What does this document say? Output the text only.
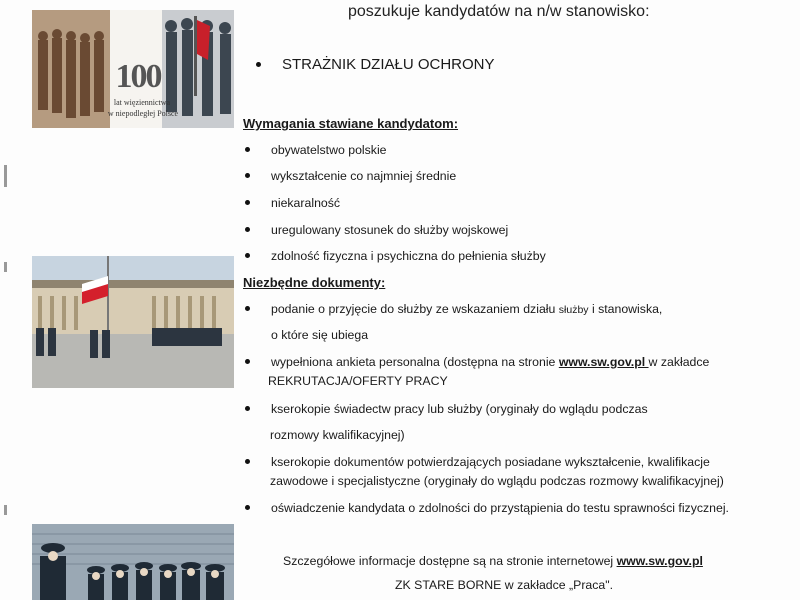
100
lat więziennictwa
w niepodległej Polsce
poszukuje kandydatów na n/w stanowisko:
STRAŻNIK DZIAŁU OCHRONY
Wymagania stawiane kandydatom:
obywatelstwo polskie
wykształcenie co najmniej średnie
niekaralność
uregulowany stosunek do służby wojskowej
zdolność fizyczna i psychiczna do pełnienia służby
Niezbędne dokumenty:
podanie o przyjęcie do służby ze wskazaniem działu służby i stanowiska,
o które się ubiega
wypełniona ankieta personalna (dostępna na stronie www.sw.gov.pl w zakładce
REKRUTACJA/OFERTY PRACY
kserokopie świadectw pracy lub służby (oryginały do wglądu podczas
rozmowy kwalifikacyjnej)
kserokopie dokumentów potwierdzających posiadane wykształcenie, kwalifikacje
zawodowe i specjalistyczne (oryginały do wglądu podczas rozmowy kwalifikacyjnej)
oświadczenie kandydata o zdolności do przystąpienia do testu sprawności fizycznej.
Szczegółowe informacje dostępne są na stronie internetowej www.sw.gov.pl
ZK STARE BORNE w zakładce „Praca".
